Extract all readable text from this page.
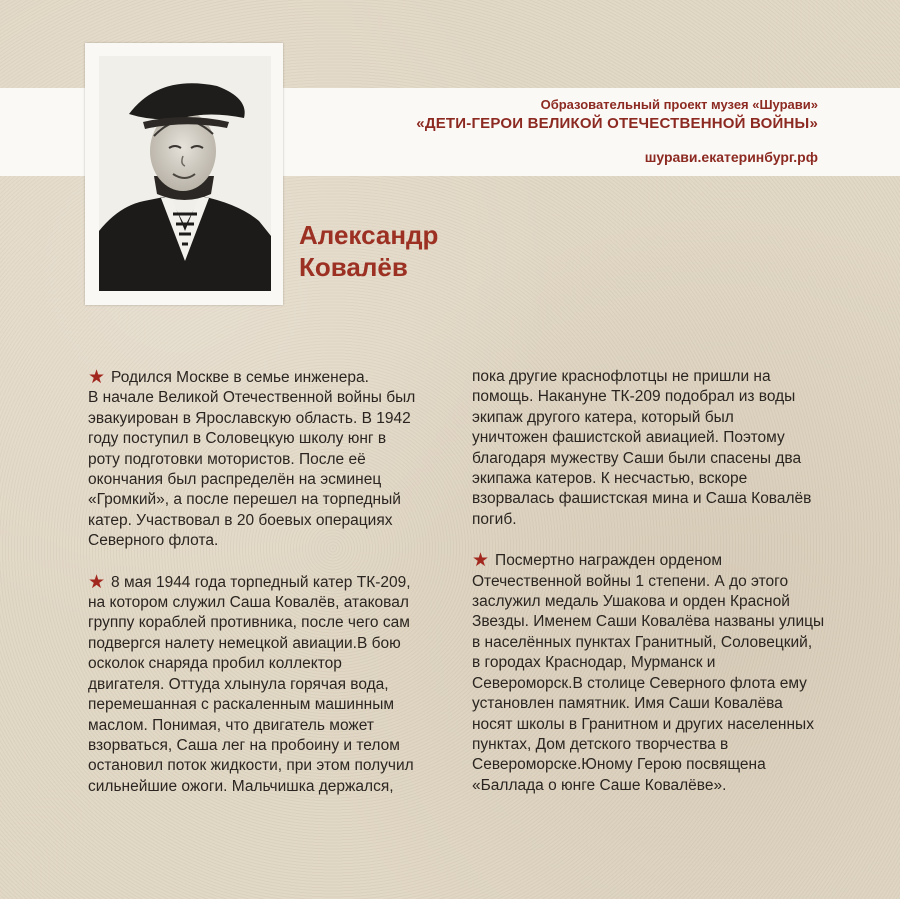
Образовательный проект музея «Шурави»
«ДЕТИ-ГЕРОИ ВЕЛИКОЙ ОТЕЧЕСТВЕННОЙ ВОЙНЫ»
шурави.екатеринбург.рф
Александр
Ковалёв

★ Родился Москве в семье инженера.
В начале Великой Отечественной войны был
эвакуирован в Ярославскую область. В 1942
году поступил в Соловецкую школу юнг в
роту подготовки мотористов. После её
окончания был распределён на эсминец
«Громкий», а после перешел на торпедный
катер. Участвовал в 20 боевых операциях
Северного флота.

★ 8 мая 1944 года торпедный катер ТК-209,
на котором служил Саша Ковалёв, атаковал
группу кораблей противника, после чего сам
подвергся налету немецкой авиации.В бою
осколок снаряда пробил коллектор
двигателя. Оттуда хлынула горячая вода,
перемешанная с раскаленным машинным
маслом. Понимая, что двигатель может
взорваться, Саша лег на пробоину и телом
остановил поток жидкости, при этом получил
сильнейшие ожоги. Мальчишка держался,

пока другие краснофлотцы не пришли на
помощь. Накануне ТК-209 подобрал из воды
экипаж другого катера, который был
уничтожен фашистской авиацией. Поэтому
благодаря мужеству Саши были спасены два
экипажа катеров. К несчастью, вскоре
взорвалась фашистская мина и Саша Ковалёв
погиб.

★ Посмертно награжден орденом
Отечественной войны 1 степени. А до этого
заслужил медаль Ушакова и орден Красной
Звезды. Именем Саши Ковалёва названы улицы
в населённых пунктах Гранитный, Соловецкий,
в городах Краснодар, Мурманск и
Североморск.В столице Северного флота ему
установлен памятник. Имя Саши Ковалёва
носят школы в Гранитном и других населенных
пунктах, Дом детского творчества в
Североморске.Юному Герою посвящена
«Баллада о юнге Саше Ковалёве».
